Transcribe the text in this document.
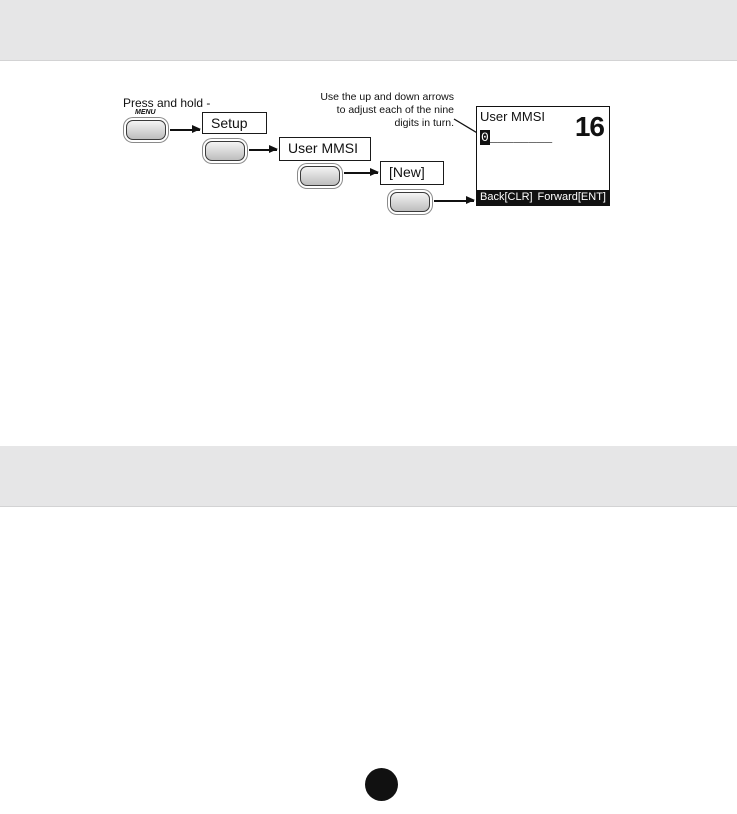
Press and hold -
MENU
Setup
User MMSI
[New]
Use the up and down arrows
to adjust each of the nine
digits in turn. User MMSI 16
0________
Back[CLR] Forward[ENT]
